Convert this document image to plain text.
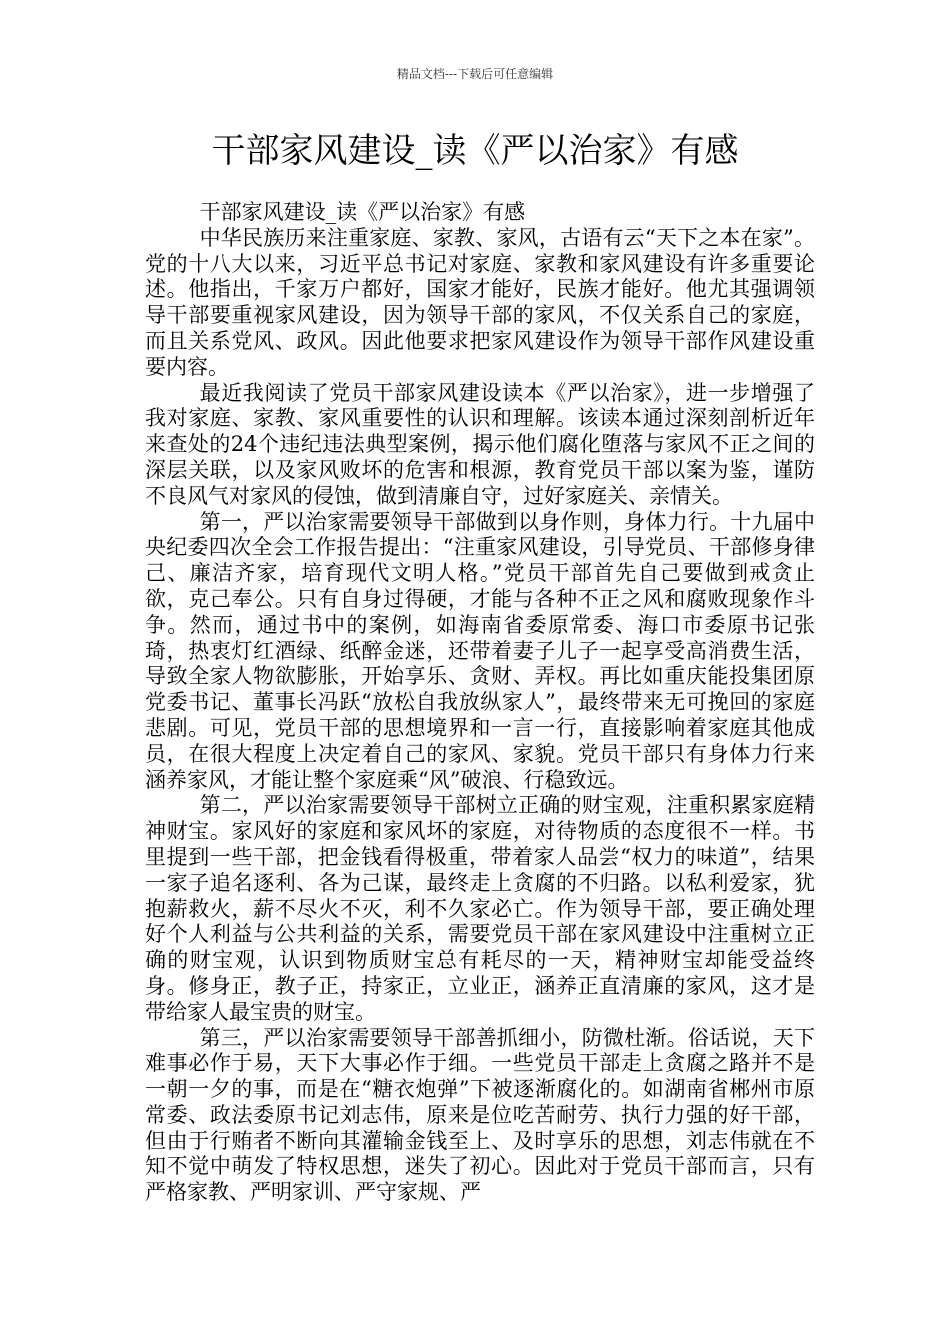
精品文档---下载后可任意编辑
干部家风建设_读《严以治家》有感

干部家风建设_读《严以治家》有感

中华民族历来注重家庭、家教、家风，古语有云“天下之本在家”。党的十八大以来，习近平总书记对家庭、家教和家风建设有许多重要论述。他指出，千家万户都好，国家才能好，民族才能好。他尤其强调领导干部要重视家风建设，因为领导干部的家风，不仅关系自己的家庭，而且关系党风、政风。因此他要求把家风建设作为领导干部作风建设重要内容。

最近我阅读了党员干部家风建设读本《严以治家》，进一步增强了我对家庭、家教、家风重要性的认识和理解。该读本通过深刻剖析近年来查处的24个违纪违法典型案例，揭示他们腐化堕落与家风不正之间的深层关联，以及家风败坏的危害和根源，教育党员干部以案为鉴，谨防不良风气对家风的侵蚀，做到清廉自守，过好家庭关、亲情关。

第一，严以治家需要领导干部做到以身作则，身体力行。十九届中央纪委四次全会工作报告提出：“注重家风建设，引导党员、干部修身律己、廉洁齐家，培育现代文明人格。”党员干部首先自己要做到戒贪止欲，克己奉公。只有自身过得硬，才能与各种不正之风和腐败现象作斗争。然而，通过书中的案例，如海南省委原常委、海口市委原书记张琦，热衷灯红酒绿、纸醉金迷，还带着妻子儿子一起享受高消费生活，导致全家人物欲膨胀，开始享乐、贪财、弄权。再比如重庆能投集团原党委书记、董事长冯跃“放松自我放纵家人”，最终带来无可挽回的家庭悲剧。可见，党员干部的思想境界和一言一行，直接影响着家庭其他成员，在很大程度上决定着自己的家风、家貌。党员干部只有身体力行来涵养家风，才能让整个家庭乘“风”破浪、行稳致远。

第二，严以治家需要领导干部树立正确的财宝观，注重积累家庭精神财宝。家风好的家庭和家风坏的家庭，对待物质的态度很不一样。书里提到一些干部，把金钱看得极重，带着家人品尝“权力的味道”，结果一家子追名逐利、各为己谋，最终走上贪腐的不归路。以私利爱家，犹抱薪救火，薪不尽火不灭，利不久家必亡。作为领导干部，要正确处理好个人利益与公共利益的关系，需要党员干部在家风建设中注重树立正确的财宝观，认识到物质财宝总有耗尽的一天，精神财宝却能受益终身。修身正，教子正，持家正，立业正，涵养正直清廉的家风，这才是带给家人最宝贵的财宝。

第三，严以治家需要领导干部善抓细小，防微杜渐。俗话说，天下难事必作于易，天下大事必作于细。一些党员干部走上贪腐之路并不是一朝一夕的事，而是在“糖衣炮弹”下被逐渐腐化的。如湖南省郴州市原常委、政法委原书记刘志伟，原来是位吃苦耐劳、执行力强的好干部，但由于行贿者不断向其灌输金钱至上、及时享乐的思想，刘志伟就在不知不觉中萌发了特权思想，迷失了初心。因此对于党员干部而言，只有严格家教、严明家训、严守家规、严
